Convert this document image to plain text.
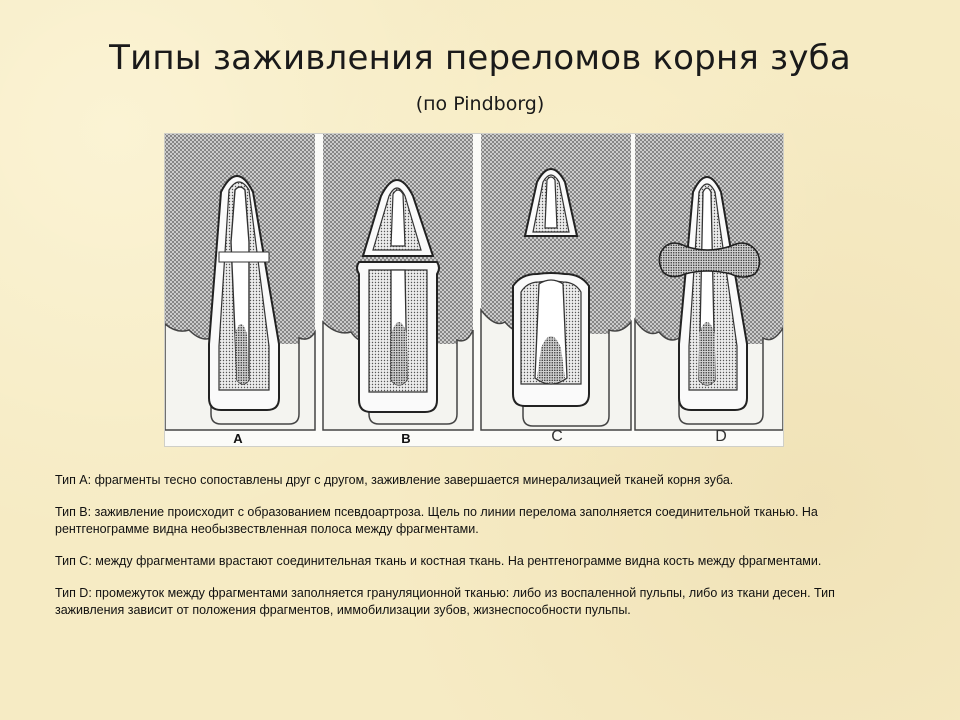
Типы заживления переломов корня зуба
(по Pindborg)
A	B	C	D

Тип A: фрагменты тесно сопоставлены друг с другом, заживление завершается минерализацией тканей корня зуба.

Тип B: заживление происходит с образованием псевдоартроза. Щель по линии перелома заполняется соединительной тканью. На рентгенограмме видна необызвествленная полоса между фрагментами.

Тип C: между фрагментами врастают соединительная ткань и костная ткань. На рентгенограмме видна кость между фрагментами.

Тип D: промежуток между фрагментами заполняется грануляционной тканью: либо из воспаленной пульпы, либо из ткани десен. Тип заживления зависит от положения фрагментов, иммобилизации зубов, жизнеспособности пульпы.
